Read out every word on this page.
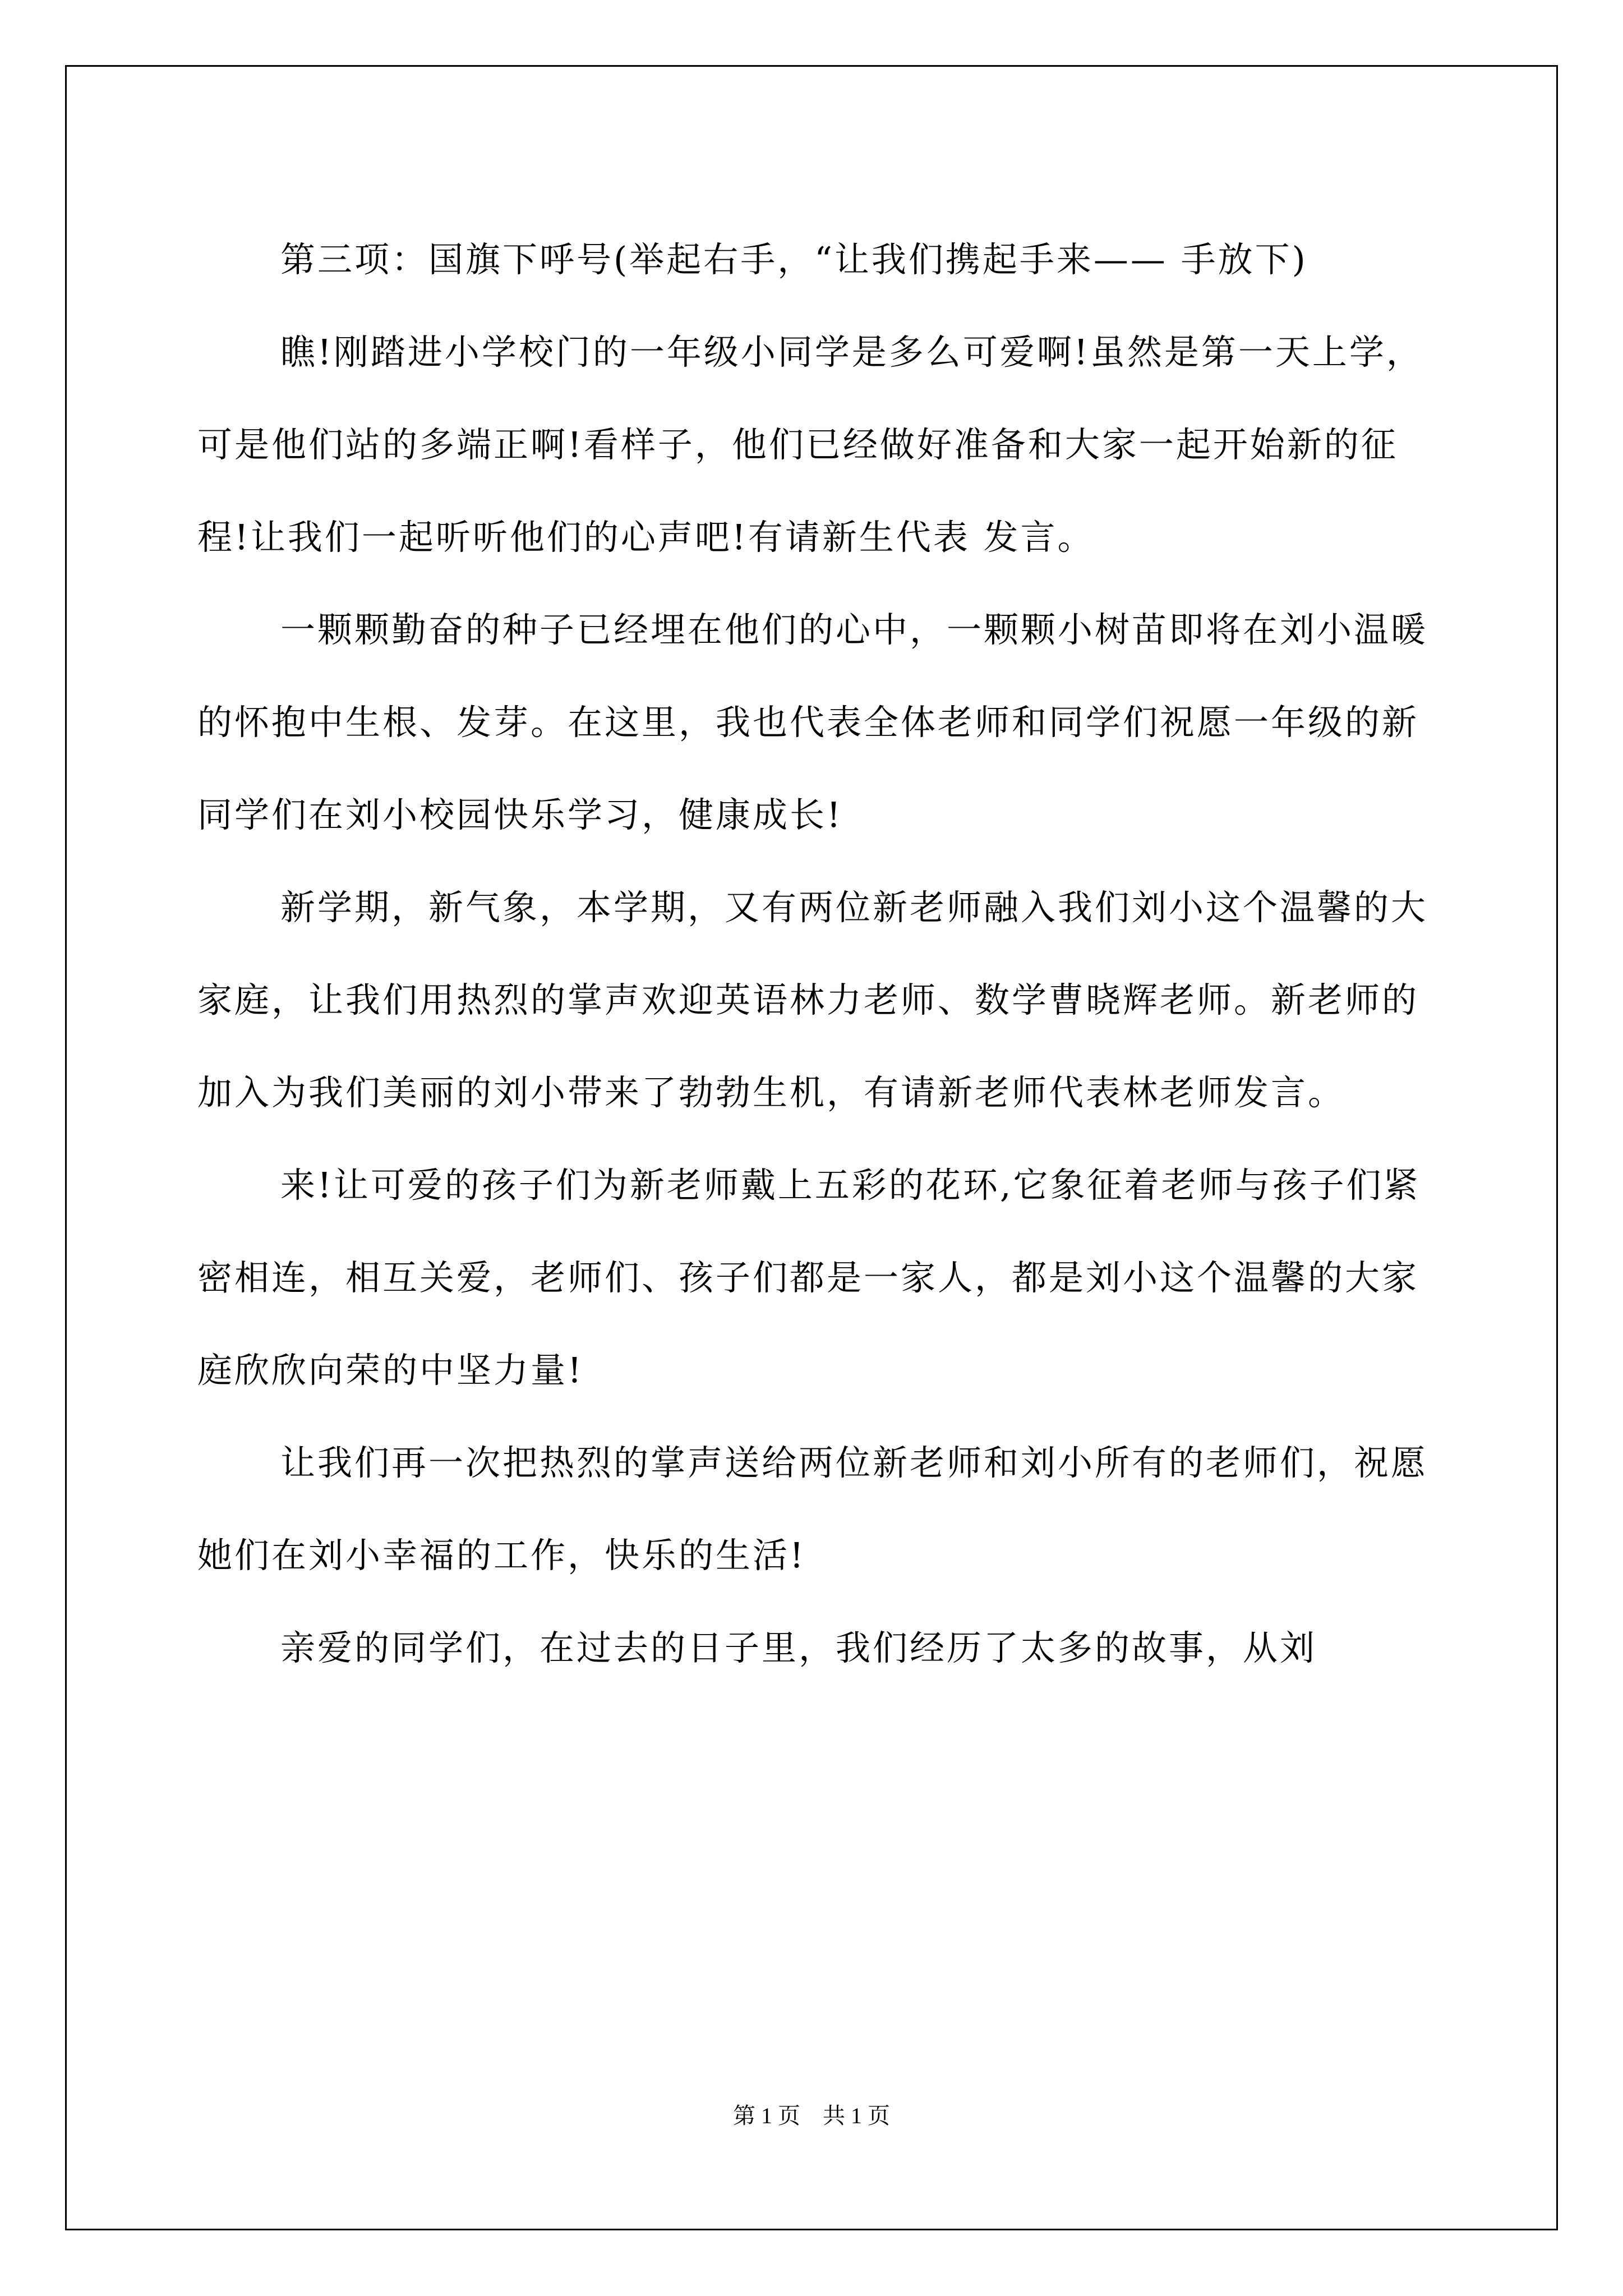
第三项：国旗下呼号(举起右手，“让我们携起手来—— 手放下)

瞧!刚踏进小学校门的一年级小同学是多么可爱啊!虽然是第一天上学，可是他们站的多端正啊!看样子，他们已经做好准备和大家一起开始新的征程!让我们一起听听他们的心声吧!有请新生代表 发言。

一颗颗勤奋的种子已经埋在他们的心中，一颗颗小树苗即将在刘小温暖的怀抱中生根、发芽。在这里，我也代表全体老师和同学们祝愿一年级的新同学们在刘小校园快乐学习，健康成长!

新学期，新气象，本学期，又有两位新老师融入我们刘小这个温馨的大家庭，让我们用热烈的掌声欢迎英语林力老师、数学曹晓辉老师。新老师的加入为我们美丽的刘小带来了勃勃生机，有请新老师代表林老师发言。

来!让可爱的孩子们为新老师戴上五彩的花环,它象征着老师与孩子们紧密相连，相互关爱，老师们、孩子们都是一家人，都是刘小这个温馨的大家庭欣欣向荣的中坚力量!

让我们再一次把热烈的掌声送给两位新老师和刘小所有的老师们，祝愿她们在刘小幸福的工作，快乐的生活!

亲爱的同学们，在过去的日子里，我们经历了太多的故事，从刘

第 1 页　共 1 页
